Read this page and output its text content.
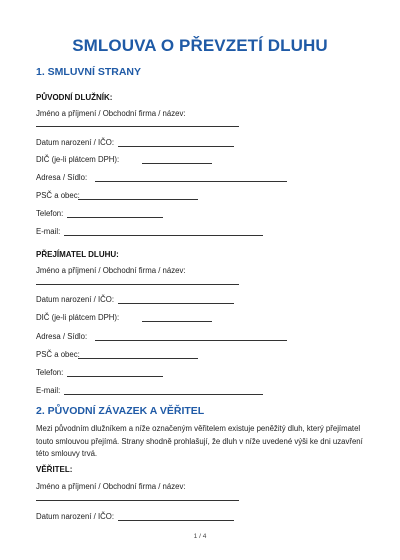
SMLOUVA O PŘEVZETÍ DLUHU
1. SMLUVNÍ STRANY
PŮVODNÍ DLUŽNÍK:
Jméno a příjmení / Obchodní firma / název:
Datum narození / IČO:
DIČ (je-li plátcem DPH):
Adresa / Sídlo:
PSČ a obec:
Telefon:
E-mail:
PŘEJÍMATEL DLUHU:
Jméno a příjmení / Obchodní firma / název:
Datum narození / IČO:
DIČ (je-li plátcem DPH):
Adresa / Sídlo:
PSČ a obec:
Telefon:
E-mail:
2. PŮVODNÍ ZÁVAZEK A VĚŘITEL
Mezi původním dlužníkem a níže označeným věřitelem existuje peněžitý dluh, který přejímatel touto smlouvou přejímá. Strany shodně prohlašují, že dluh v níže uvedené výši ke dni uzavření této smlouvy trvá.
VĚŘITEL:
Jméno a příjmení / Obchodní firma / název:
Datum narození / IČO:
1 / 4
